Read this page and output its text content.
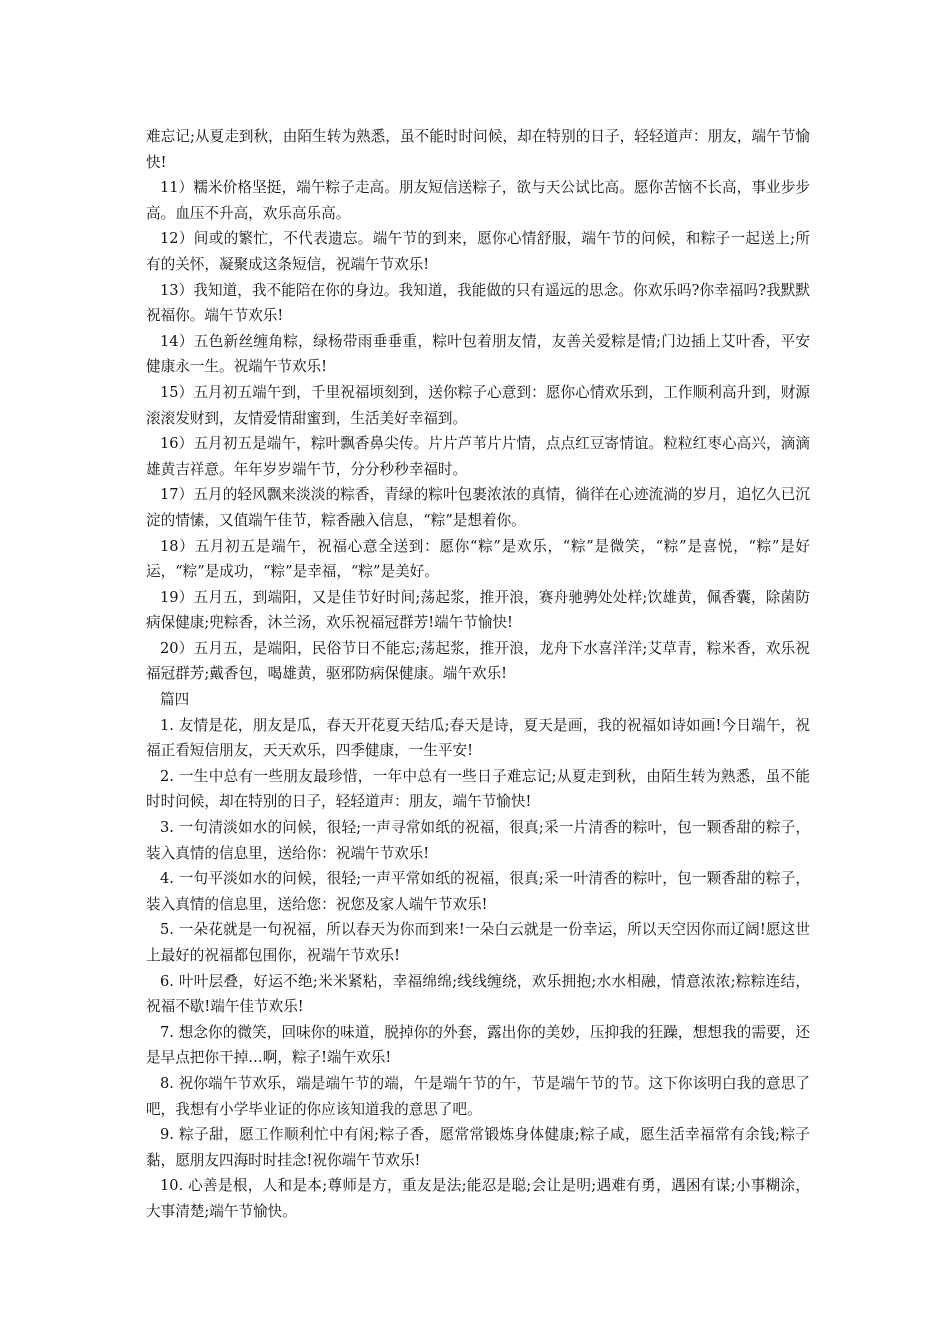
难忘记;从夏走到秋，由陌生转为熟悉，虽不能时时问候，却在特别的日子，轻轻道声：朋友，端午节愉快!

11）糯米价格坚挺，端午粽子走高。朋友短信送粽子，欲与天公试比高。愿你苦恼不长高，事业步步高。血压不升高，欢乐高乐高。

12）间或的繁忙，不代表遗忘。端午节的到来，愿你心情舒服，端午节的问候，和粽子一起送上;所有的关怀，凝聚成这条短信，祝端午节欢乐!

13）我知道，我不能陪在你的身边。我知道，我能做的只有遥远的思念。你欢乐吗?你幸福吗?我默默祝福你。端午节欢乐!

14）五色新丝缠角粽，绿杨带雨垂垂重，粽叶包着朋友情，友善关爱粽是情;门边插上艾叶香，平安健康永一生。祝端午节欢乐!

15）五月初五端午到，千里祝福顷刻到，送你粽子心意到：愿你心情欢乐到，工作顺利高升到，财源滚滚发财到，友情爱情甜蜜到，生活美好幸福到。

16）五月初五是端午，粽叶飘香鼻尖传。片片芦苇片片情，点点红豆寄情谊。粒粒红枣心高兴，滴滴雄黄吉祥意。年年岁岁端午节，分分秒秒幸福时。

17）五月的轻风飘来淡淡的粽香，青绿的粽叶包裹浓浓的真情，徜徉在心迹流淌的岁月，追忆久已沉淀的情愫，又值端午佳节，粽香融入信息，“粽”是想着你。

18）五月初五是端午，祝福心意全送到：愿你“粽”是欢乐，“粽”是微笑，“粽”是喜悦，“粽”是好运，“粽”是成功，“粽”是幸福，“粽”是美好。

19）五月五，到端阳，又是佳节好时间;荡起浆，推开浪，赛舟驰骋处处样;饮雄黄，佩香囊，除菌防病保健康;兜粽香，沐兰汤，欢乐祝福冠群芳!端午节愉快!

20）五月五，是端阳，民俗节日不能忘;荡起浆，推开浪，龙舟下水喜洋洋;艾草青，粽米香，欢乐祝福冠群芳;戴香包，喝雄黄，驱邪防病保健康。端午欢乐!

篇四

1. 友情是花，朋友是瓜，春天开花夏天结瓜;春天是诗，夏天是画，我的祝福如诗如画!今日端午，祝福正看短信朋友，天天欢乐，四季健康，一生平安!

2. 一生中总有一些朋友最珍惜，一年中总有一些日子难忘记;从夏走到秋，由陌生转为熟悉，虽不能时时问候，却在特别的日子，轻轻道声：朋友，端午节愉快!

3. 一句清淡如水的问候，很轻;一声寻常如纸的祝福，很真;采一片清香的粽叶，包一颗香甜的粽子，装入真情的信息里，送给你：祝端午节欢乐!

4. 一句平淡如水的问候，很轻;一声平常如纸的祝福，很真;采一叶清香的粽叶，包一颗香甜的粽子，装入真情的信息里，送给您：祝您及家人端午节欢乐!

5. 一朵花就是一句祝福，所以春天为你而到来!一朵白云就是一份幸运，所以天空因你而辽阔!愿这世上最好的祝福都包围你，祝端午节欢乐!

6. 叶叶层叠，好运不绝;米米紧粘，幸福绵绵;线线缠绕，欢乐拥抱;水水相融，情意浓浓;粽粽连结，祝福不歇!端午佳节欢乐!

7. 想念你的微笑，回味你的味道，脱掉你的外套，露出你的美妙，压抑我的狂躁，想想我的需要，还是早点把你干掉…啊，粽子!端午欢乐!

8. 祝你端午节欢乐，端是端午节的端，午是端午节的午，节是端午节的节。这下你该明白我的意思了吧，我想有小学毕业证的你应该知道我的意思了吧。

9. 粽子甜，愿工作顺利忙中有闲;粽子香，愿常常锻炼身体健康;粽子咸，愿生活幸福常有余钱;粽子黏，愿朋友四海时时挂念!祝你端午节欢乐!

10. 心善是根，人和是本;尊师是方，重友是法;能忍是聪;会让是明;遇难有勇，遇困有谋;小事糊涂，大事清楚;端午节愉快。
